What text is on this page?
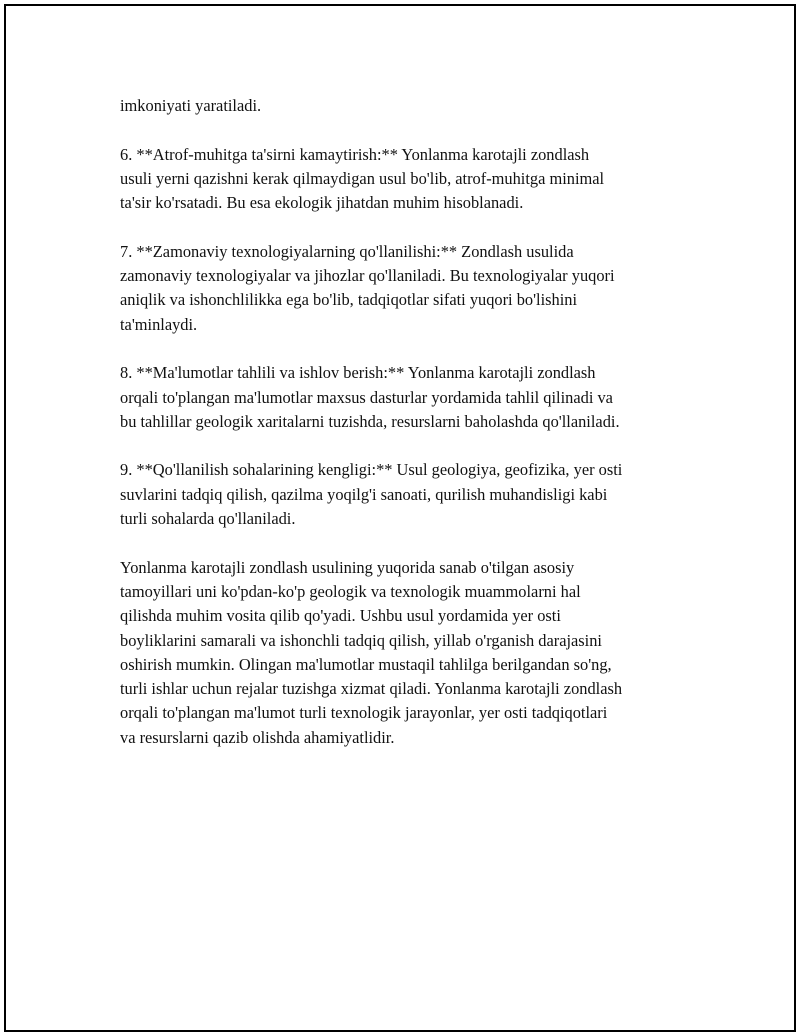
imkoniyati yaratiladi.

6. **Atrof-muhitga ta'sirni kamaytirish:** Yonlanma karotajli zondlash
usuli yerni qazishni kerak qilmaydigan usul bo'lib, atrof-muhitga minimal
ta'sir ko'rsatadi. Bu esa ekologik jihatdan muhim hisoblanadi.

7. **Zamonaviy texnologiyalarning qo'llanilishi:** Zondlash usulida
zamonaviy texnologiyalar va jihozlar qo'llaniladi. Bu texnologiyalar yuqori
aniqlik va ishonchlilikka ega bo'lib, tadqiqotlar sifati yuqori bo'lishini
ta'minlaydi.

8. **Ma'lumotlar tahlili va ishlov berish:** Yonlanma karotajli zondlash
orqali to'plangan ma'lumotlar maxsus dasturlar yordamida tahlil qilinadi va
bu tahlillar geologik xaritalarni tuzishda, resurslarni baholashda qo'llaniladi.

9. **Qo'llanilish sohalarining kengligi:** Usul geologiya, geofizika, yer osti
suvlarini tadqiq qilish, qazilma yoqilg'i sanoati, qurilish muhandisligi kabi
turli sohalarda qo'llaniladi.

Yonlanma karotajli zondlash usulining yuqorida sanab o'tilgan asosiy
tamoyillari uni ko'pdan-ko'p geologik va texnologik muammolarni hal
qilishda muhim vosita qilib qo'yadi. Ushbu usul yordamida yer osti
boyliklarini samarali va ishonchli tadqiq qilish, yillab o'rganish darajasini
oshirish mumkin. Olingan ma'lumotlar mustaqil tahlilga berilgandan so'ng,
turli ishlar uchun rejalar tuzishga xizmat qiladi. Yonlanma karotajli zondlash
orqali to'plangan ma'lumot turli texnologik jarayonlar, yer osti tadqiqotlari
va resurslarni qazib olishda ahamiyatlidir.
